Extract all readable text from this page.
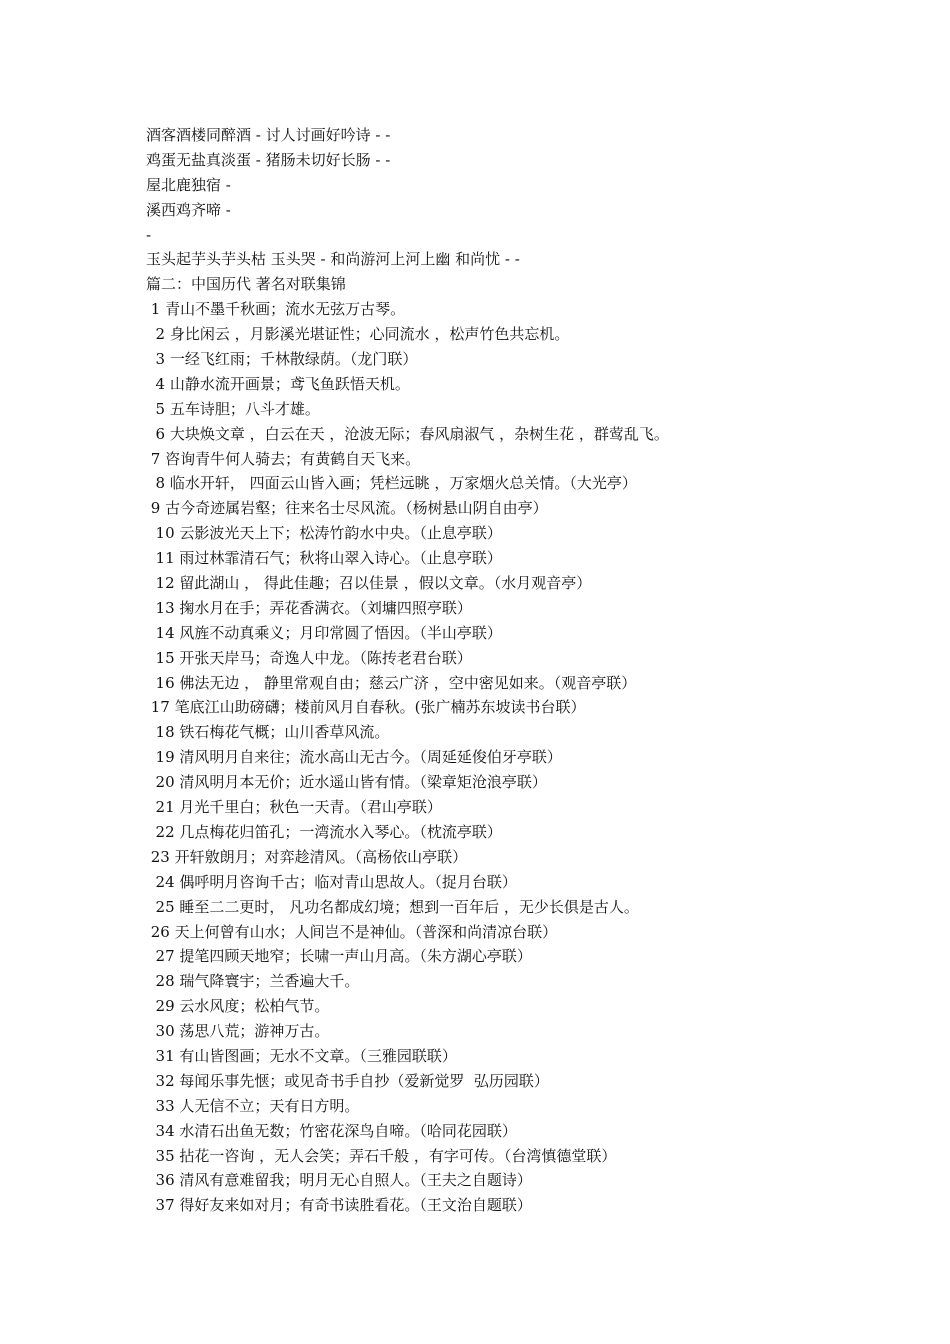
酒客酒楼同醉酒 - 讨人讨画好吟诗 - -
鸡蛋无盐真淡蛋 - 猪肠未切好长肠 - -
屋北鹿独宿 -
溪西鸡齐啼 -
-
玉头起芋头芋头枯 玉头哭 - 和尚游河上河上幽 和尚忧 - -
篇二：中国历代 著名对联集锦
1 青山不墨千秋画；流水无弦万古琴。
2 身比闲云 ，月影溪光堪证性；心同流水 ，松声竹色共忘机。
3 一经飞红雨；千林散绿荫。（龙门联）
4 山静水流开画景；鸢飞鱼跃悟天机。
5 五车诗胆；八斗才雄。
6 大块焕文章 ，白云在天 ，沧波无际；春风扇淑气 ，杂树生花 ，群莺乱飞。
7 咨询青牛何人骑去；有黄鹤自天飞来。
8 临水开轩， 四面云山皆入画；凭栏远眺 ，万家烟火总关情。（大光亭）
9 古今奇迹属岩壑；往来名士尽风流。（杨树悬山阴自由亭）
10 云影波光天上下；松涛竹韵水中央。（止息亭联）
11 雨过林霏清石气；秋将山翠入诗心。（止息亭联）
12 留此湖山 ， 得此佳趣；召以佳景 ，假以文章。（水月观音亭）
13 掬水月在手；弄花香满衣。（刘墉四照亭联）
14 风旌不动真乘义；月印常圆了悟因。（半山亭联）
15 开张天岸马；奇逸人中龙。（陈抟老君台联）
16 佛法无边 ， 静里常观自由；慈云广济 ，空中密见如来。（观音亭联）
17 笔底江山助磅礴；楼前风月自春秋。(张广楠苏东坡读书台联）
18 铁石梅花气概；山川香草风流。
19 清风明月自来往；流水高山无古今。（周延延俊伯牙亭联）
20 清风明月本无价；近水遥山皆有情。（梁章矩沧浪亭联）
21 月光千里白；秋色一天青。（君山亭联）
22 几点梅花归笛孔；一湾流水入琴心。（枕流亭联）
23 开轩敫朗月；对弈趁清风。（高杨依山亭联）
24 偶呼明月咨询千古；临对青山思故人。（捉月台联）
25 睡至二二更时， 凡功名都成幻境；想到一百年后 ，无少长俱是古人。
26 天上何曾有山水；人间岂不是神仙。（普深和尚清凉台联）
27 提笔四顾天地窄；长啸一声山月高。（朱方湖心亭联）
28 瑞气降寰宇；兰香遍大千。
29 云水风度；松柏气节。
30 荡思八荒；游神万古。
31 有山皆图画；无水不文章。（三雅园联联）
32 每闻乐事先惬；或见奇书手自抄（爱新觉罗  弘历园联）
33 人无信不立；天有日方明。
34 水清石出鱼无数；竹密花深鸟自啼。（哈同花园联）
35 拈花一咨询 ，无人会笑；弄石千般 ，有字可传。（台湾慎德堂联）
36 清风有意难留我；明月无心自照人。（王夫之自题诗）
37 得好友来如对月；有奇书读胜看花。（王文治自题联）
